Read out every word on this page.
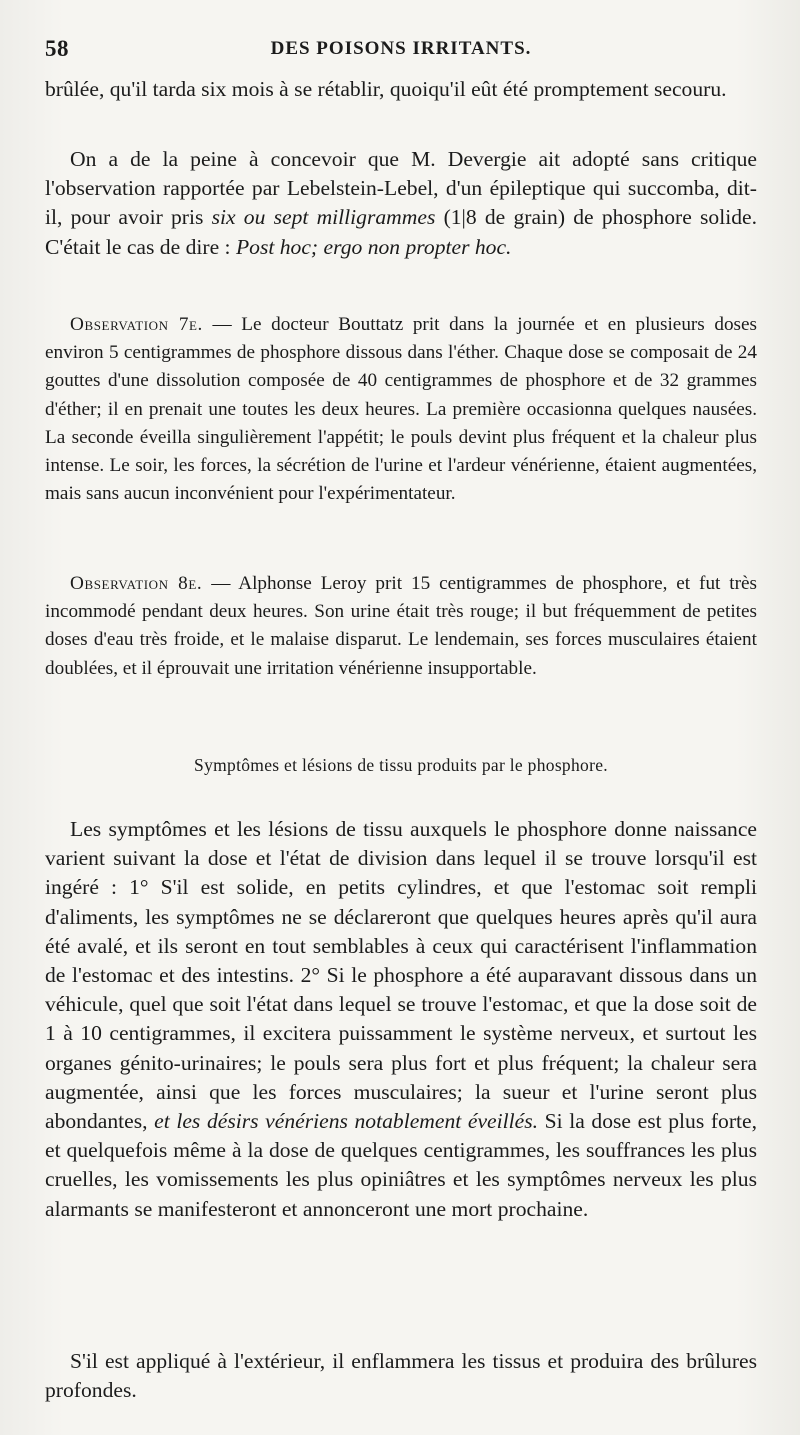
58	DES POISONS IRRITANTS.

brûlée, qu'il tarda six mois à se rétablir, quoiqu'il eût été promptement secouru.

On a de la peine à concevoir que M. Devergie ait adopté sans critique l'observation rapportée par Lebelstein-Lebel, d'un épileptique qui succomba, dit-il, pour avoir pris six ou sept milligrammes (1|8 de grain) de phosphore solide. C'était le cas de dire : Post hoc; ergo non propter hoc.

Observation 7e. — Le docteur Bouttatz prit dans la journée et en plusieurs doses environ 5 centigrammes de phosphore dissous dans l'éther. Chaque dose se composait de 24 gouttes d'une dissolution composée de 40 centigrammes de phosphore et de 32 grammes d'éther; il en prenait une toutes les deux heures. La première occasionna quelques nausées. La seconde éveilla singulièrement l'appétit; le pouls devint plus fréquent et la chaleur plus intense. Le soir, les forces, la sécrétion de l'urine et l'ardeur vénérienne, étaient augmentées, mais sans aucun inconvénient pour l'expérimentateur.

Observation 8e. — Alphonse Leroy prit 15 centigrammes de phosphore, et fut très incommodé pendant deux heures. Son urine était très rouge; il but fréquemment de petites doses d'eau très froide, et le malaise disparut. Le lendemain, ses forces musculaires étaient doublées, et il éprouvait une irritation vénérienne insupportable.

Symptômes et lésions de tissu produits par le phosphore.

Les symptômes et les lésions de tissu auxquels le phosphore donne naissance varient suivant la dose et l'état de division dans lequel il se trouve lorsqu'il est ingéré : 1° S'il est solide, en petits cylindres, et que l'estomac soit rempli d'aliments, les symptômes ne se déclareront que quelques heures après qu'il aura été avalé, et ils seront en tout semblables à ceux qui caractérisent l'inflammation de l'estomac et des intestins. 2° Si le phosphore a été auparavant dissous dans un véhicule, quel que soit l'état dans lequel se trouve l'estomac, et que la dose soit de 1 à 10 centigrammes, il excitera puissamment le système nerveux, et surtout les organes génito-urinaires; le pouls sera plus fort et plus fréquent; la chaleur sera augmentée, ainsi que les forces musculaires; la sueur et l'urine seront plus abondantes, et les désirs vénériens notablement éveillés. Si la dose est plus forte, et quelquefois même à la dose de quelques centigrammes, les souffrances les plus cruelles, les vomissements les plus opiniâtres et les symptômes nerveux les plus alarmants se manifesteront et annonceront une mort prochaine.

S'il est appliqué à l'extérieur, il enflammera les tissus et produira des brûlures profondes.
